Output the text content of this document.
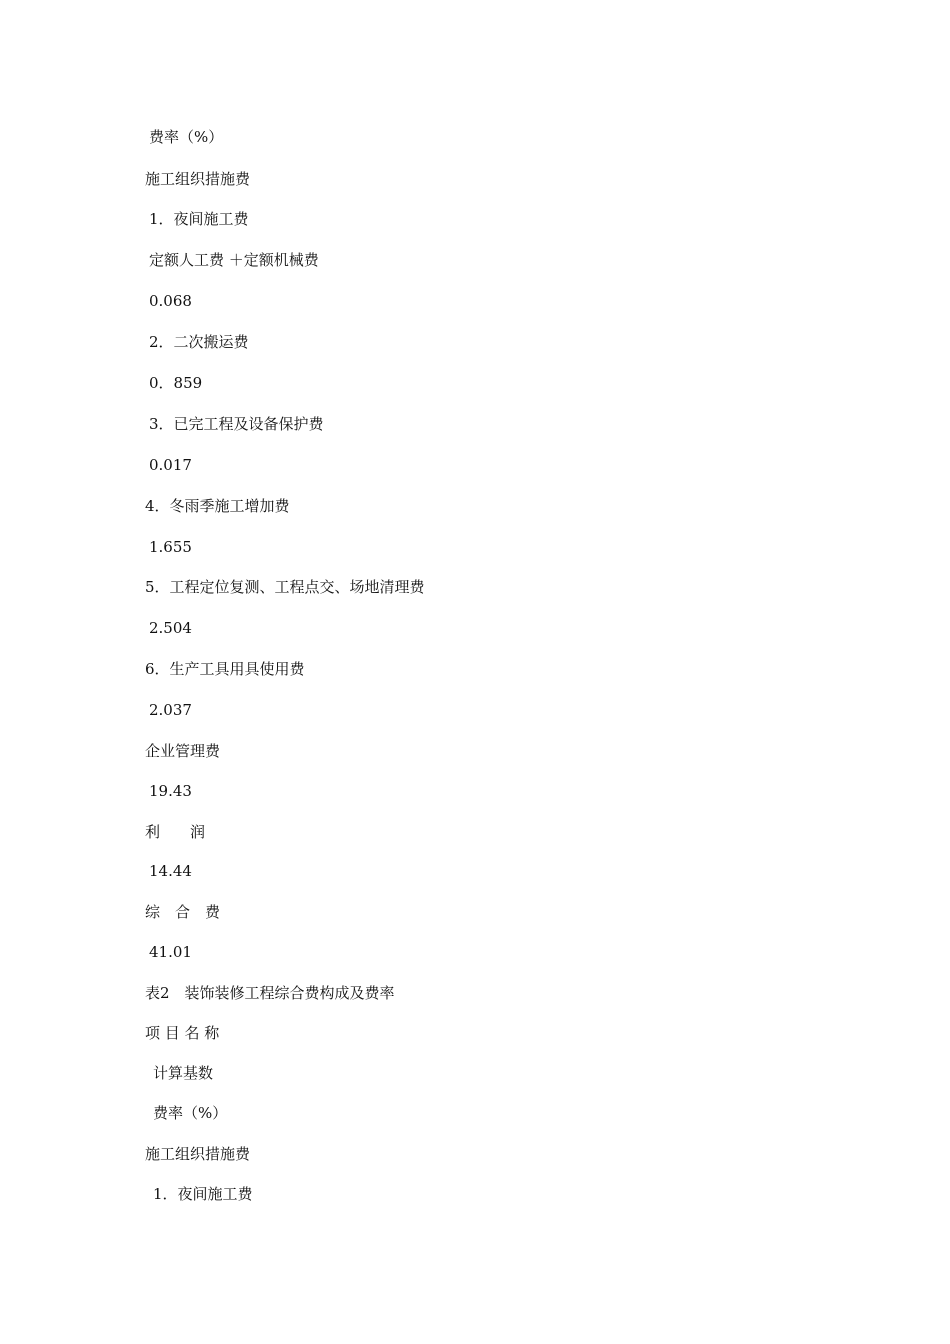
费率（%）
施工组织措施费
1．夜间施工费
定额人工费 ＋定额机械费
0.068
2．二次搬运费
0．859
3．已完工程及设备保护费
0.017
4．冬雨季施工增加费
1.655
5．工程定位复测、工程点交、场地清理费
2.504
6．生产工具用具使用费
2.037
企业管理费
19.43
利　　润
14.44
综　合　费
41.01
表2　装饰装修工程综合费构成及费率
项 目 名 称
计算基数
费率（%）
施工组织措施费
1．夜间施工费
